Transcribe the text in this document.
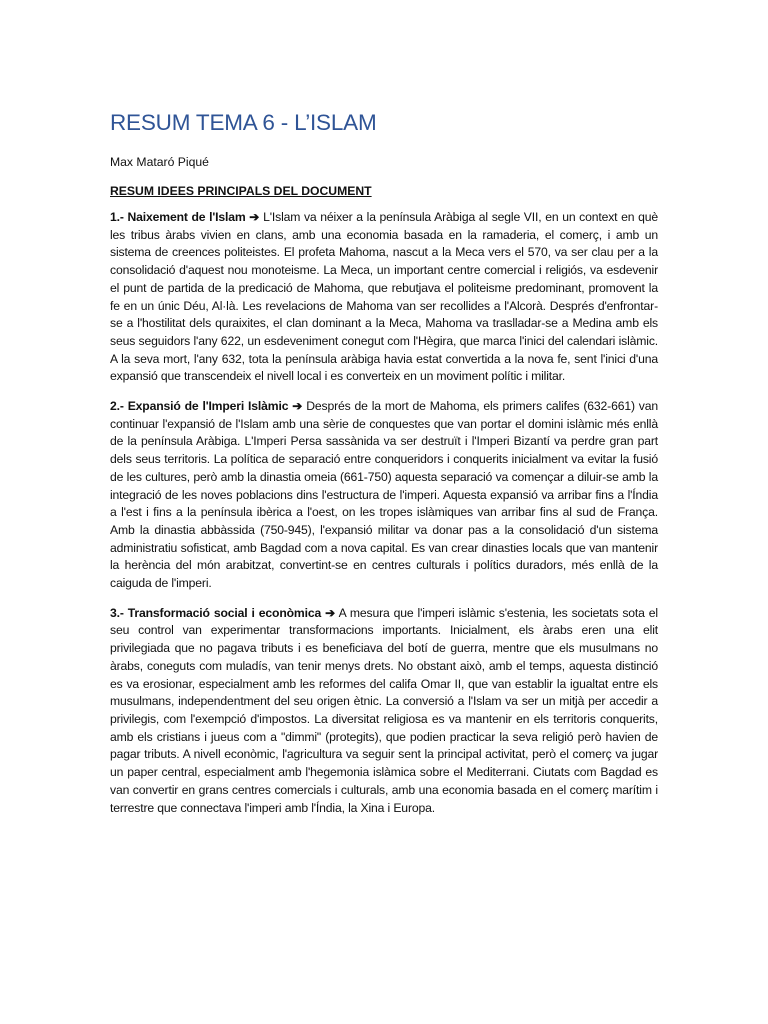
RESUM TEMA 6 - L’ISLAM

Max Mataró Piqué

RESUM IDEES PRINCIPALS DEL DOCUMENT

1.- Naixement de l'Islam ➔ L'Islam va néixer a la península Aràbiga al segle VII, en un context en què les tribus àrabs vivien en clans, amb una economia basada en la ramaderia, el comerç, i amb un sistema de creences politeistes. El profeta Mahoma, nascut a la Meca vers el 570, va ser clau per a la consolidació d'aquest nou monoteisme. La Meca, un important centre comercial i religiós, va esdevenir el punt de partida de la predicació de Mahoma, que rebutjava el politeisme predominant, promovent la fe en un únic Déu, Al·là. Les revelacions de Mahoma van ser recollides a l'Alcorà. Després d'enfrontar-se a l'hostilitat dels quraixites, el clan dominant a la Meca, Mahoma va traslladar-se a Medina amb els seus seguidors l'any 622, un esdeveniment conegut com l'Hègira, que marca l'inici del calendari islàmic. A la seva mort, l'any 632, tota la península aràbiga havia estat convertida a la nova fe, sent l'inici d'una expansió que transcendeix el nivell local i es converteix en un moviment polític i militar.

2.- Expansió de l'Imperi Islàmic ➔ Després de la mort de Mahoma, els primers califes (632-661) van continuar l'expansió de l'Islam amb una sèrie de conquestes que van portar el domini islàmic més enllà de la península Aràbiga. L'Imperi Persa sassànida va ser destruït i l'Imperi Bizantí va perdre gran part dels seus territoris. La política de separació entre conqueridors i conquerits inicialment va evitar la fusió de les cultures, però amb la dinastia omeia (661-750) aquesta separació va començar a diluir-se amb la integració de les noves poblacions dins l'estructura de l'imperi. Aquesta expansió va arribar fins a l'Índia a l'est i fins a la península ibèrica a l'oest, on les tropes islàmiques van arribar fins al sud de França. Amb la dinastia abbàssida (750-945), l'expansió militar va donar pas a la consolidació d'un sistema administratiu sofisticat, amb Bagdad com a nova capital. Es van crear dinasties locals que van mantenir la herència del món arabitzat, convertint-se en centres culturals i polítics duradors, més enllà de la caiguda de l'imperi.

3.- Transformació social i econòmica ➔ A mesura que l'imperi islàmic s'estenia, les societats sota el seu control van experimentar transformacions importants. Inicialment, els àrabs eren una elit privilegiada que no pagava tributs i es beneficiava del botí de guerra, mentre que els musulmans no àrabs, coneguts com muladís, van tenir menys drets. No obstant això, amb el temps, aquesta distinció es va erosionar, especialment amb les reformes del califa Omar II, que van establir la igualtat entre els musulmans, independentment del seu origen ètnic. La conversió a l'Islam va ser un mitjà per accedir a privilegis, com l'exempció d'impostos. La diversitat religiosa es va mantenir en els territoris conquerits, amb els cristians i jueus com a "dimmi" (protegits), que podien practicar la seva religió però havien de pagar tributs. A nivell econòmic, l'agricultura va seguir sent la principal activitat, però el comerç va jugar un paper central, especialment amb l'hegemonia islàmica sobre el Mediterrani. Ciutats com Bagdad es van convertir en grans centres comercials i culturals, amb una economia basada en el comerç marítim i terrestre que connectava l'imperi amb l'Índia, la Xina i Europa.
